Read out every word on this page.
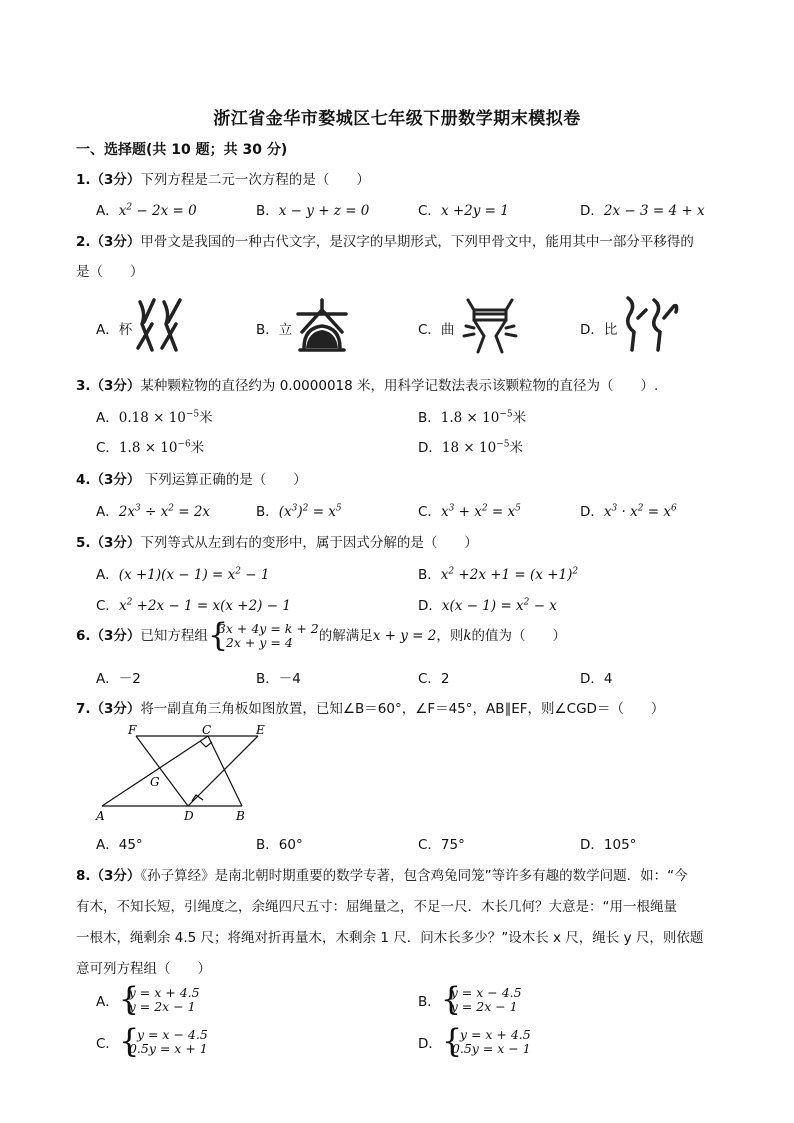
浙江省金华市婺城区七年级下册数学期末模拟卷
一、选择题(共 10 题；共 30 分)
1.（3分）下列方程是二元一次方程的是（　　）
A．$x^2 - 2x = 0$	B．x − y + z = 0	C．x +2y = 1	D．2x − 3 = 4 + x
2.（3分）甲骨文是我国的一种古代文字，是汉字的早期形式，下列甲骨文中，能用其中一部分平移得的
是（　　）
A．杯	B．立	C．曲	D．比
3.（3分）某种颗粒物的直径约为 0.0000018 米，用科学记数法表示该颗粒物的直径为（　　）.
A．$0.18 \times 10^{-5}$米	B．$1.8 \times 10^{-5}$米
C．$1.8 \times 10^{-6}$米	D．$18 \times 10^{-5}$米
4.（3分） 下列运算正确的是（　　）
A．$2x^3 \div x^2 = 2x$	B．$(x^3)^2 = x^5$	C．$x^3 + x^2 = x^5$	D．$x^3 \cdot x^2 = x^6$
5.（3分）下列等式从左到右的变形中，属于因式分解的是（　　）
A．$(x +1)(x - 1) = x^2 - 1$	B．$x^2 +2x +1 = (x +1)^2$
C．$x^2 +2x - 1 = x(x +2) - 1$	D．$x(x - 1) = x^2 - x$
6.（3分）已知方程组 {
3x + 4y = k + 2
2x + y = 4	的解满足x + y = 2，则k的值为（　　）
A．－2	B．－4	C．2	D．4
7.（3分）将一副直角三角板如图放置，已知∠B＝60°，∠F＝45°，AB∥EF，则∠CGD＝（　　）
F	C	E
G
A	D	B
A．45°	B．60°	C．75°	D．105°
8.（3分）《孙子算经》是南北朝时期重要的数学专著，包含鸡兔同笼”等许多有趣的数学问题．如：“今
有木，不知长短，引绳度之，余绳四尺五寸：屈绳量之，不足一尺．木长几何？大意是：“用一根绳量
一根木，绳剩余 4.5 尺；将绳对折再量木，木剩余 1 尺．问木长多少？”设木长 x 尺，绳长 y 尺，则依题
意可列方程组（　　）
A． {
y = x + 4.5
y = 2x − 1	B． {
y = x − 4.5
y = 2x − 1
C． {
y = x − 4.5
0.5y = x + 1	D． {
y = x + 4.5
0.5y = x − 1
